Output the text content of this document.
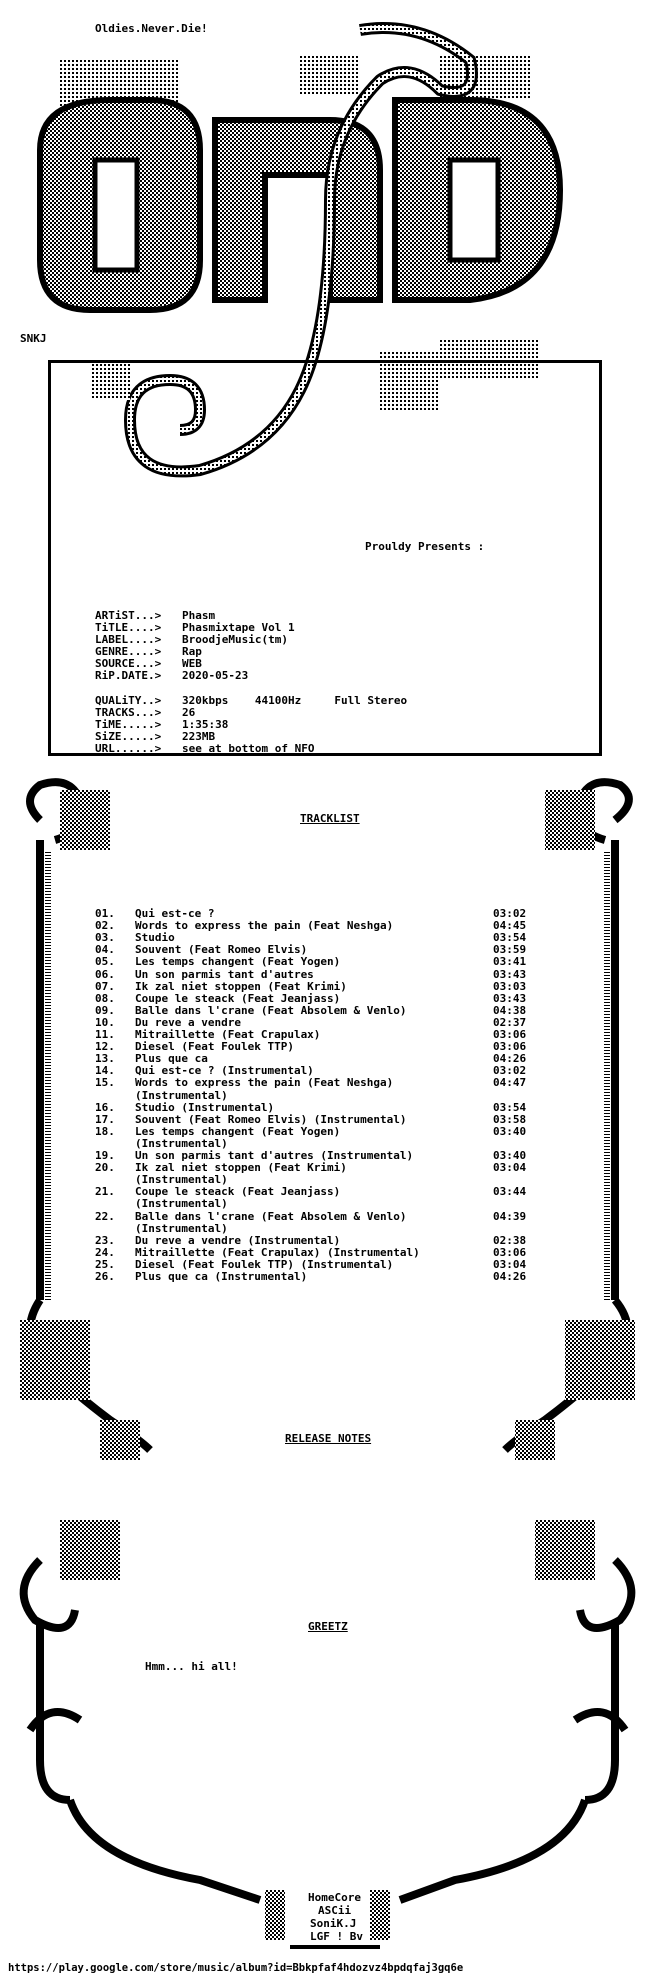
Oldies.Never.Die!
SNKJ
Prouldy Presents :

ARTiST...> Phasm

TiTLE....> Phasmixtape Vol 1

LABEL....> BroodjeMusic(tm)

GENRE....> Rap

SOURCE...> WEB

RiP.DATE.> 2020-05-23

QUALiTY..> 320kbps    44100Hz     Full Stereo

TRACKS...> 26

TiME.....> 1:35:38

SiZE.....> 223MB

URL......> see at bottom of NFO

TRACKLIST
01. Qui est-ce ?	03:02
02. Words to express the pain (Feat Neshga)	04:45
03. Studio	03:54
04. Souvent (Feat Romeo Elvis)	03:59
05. Les temps changent (Feat Yogen)	03:41
06. Un son parmis tant d'autres	03:43
07. Ik zal niet stoppen (Feat Krimi)	03:03
08. Coupe le steack (Feat Jeanjass)	03:43
09. Balle dans l'crane (Feat Absolem & Venlo)	04:38
10. Du reve a vendre	02:37
11. Mitraillette (Feat Crapulax)	03:06
12. Diesel (Feat Foulek TTP)	03:06
13. Plus que ca	04:26
14. Qui est-ce ? (Instrumental)	03:02
15. Words to express the pain (Feat Neshga)	04:47
(Instrumental)
16. Studio (Instrumental)	03:54
17. Souvent (Feat Romeo Elvis) (Instrumental)	03:58
18. Les temps changent (Feat Yogen)	03:40
(Instrumental)
19. Un son parmis tant d'autres (Instrumental)	03:40
20. Ik zal niet stoppen (Feat Krimi)	03:04
(Instrumental)
21. Coupe le steack (Feat Jeanjass)	03:44
(Instrumental)
22. Balle dans l'crane (Feat Absolem & Venlo)	04:39
(Instrumental)
23. Du reve a vendre (Instrumental)	02:38
24. Mitraillette (Feat Crapulax) (Instrumental)	03:06
25. Diesel (Feat Foulek TTP) (Instrumental)	03:04
26. Plus que ca (Instrumental)	04:26
RELEASE NOTES
GREETZ
Hmm... hi all!
HomeCore
ASCii
SoniK.J
LGF ! Bv
https://play.google.com/store/music/album?id=Bbkpfaf4hdozvz4bpdqfaj3gq6e
